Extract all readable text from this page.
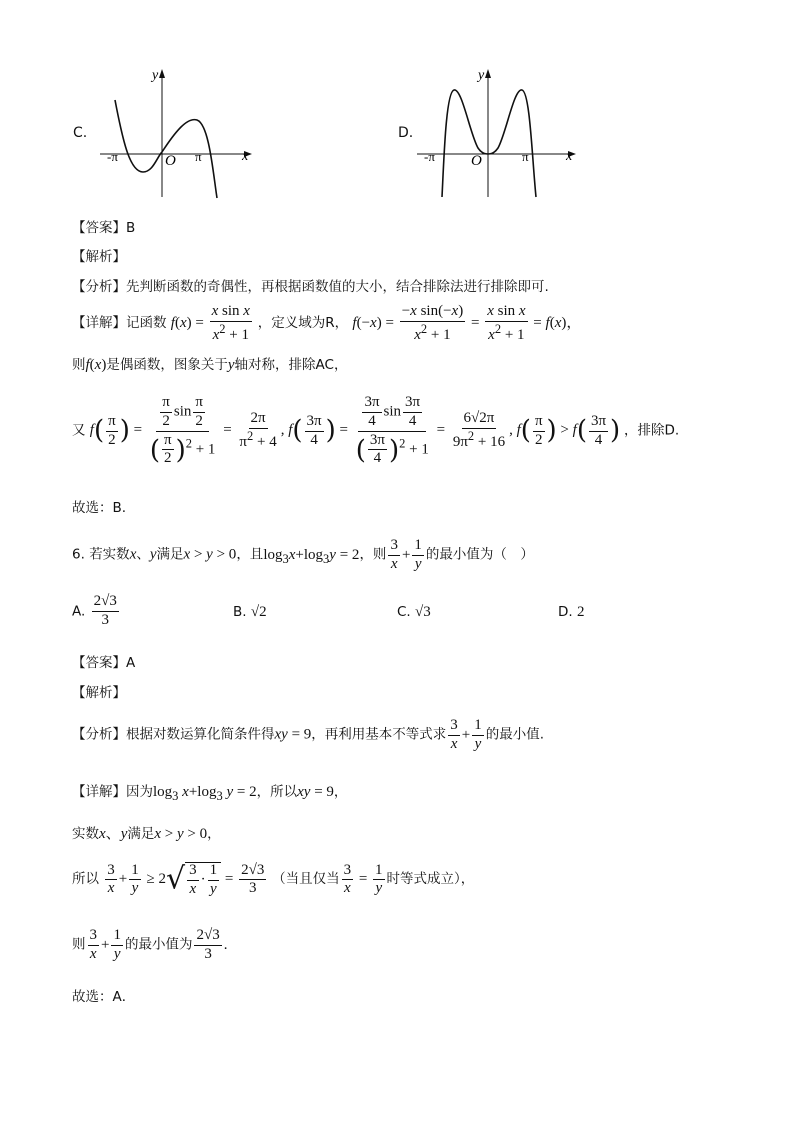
C.
y
x
O
-π	π
D.
y
x
O
-π	π
【答案】B
【解析】
【分析】先判断函数的奇偶性，再根据函数值的大小，结合排除法进行排除即可.
【详解】记函数 $f(x) = \frac{\text{x sin x}}{x^2 + 1}$ ，定义域为R， $f(-x) = \frac{\text{−x sin(−x)}}{x^2 + 1} = \frac{\text{x sin x}}{x^2 + 1} = f(x)$，
则f(x)是偶函数，图象关于y轴对称，排除AC，
又 $f( \frac{\pi}{2}$ ) = $\frac{\frac{\pi}{2} \sin \frac{\pi}{2}}{( \frac{\pi}{2} )^2 + 1} = \frac{2\pi}{\pi^2 + 4}$ , $f( \frac{3\pi}{4}$ ) = $\frac{\frac{3\pi}{4} \sin \frac{3\pi}{4}}{( \frac{3\pi}{4} )^2 + 1} = \frac{6√2\pi}{9\pi^2 + 16}$ , $f( \frac{\pi}{2}$ ) > $f( \frac{3\pi}{4}$ ) ，排除D.
故选：B.
6. 若实数x、y满足x > y > 0，且$\log_3x+\log_3y = 2$，则 $\frac{3}{x} + \frac{1}{y}$ 的最小值为（　）
A. $\frac{2√3}{3}$	B. √2	C. √3	D. 2
【答案】A
【解析】
【分析】根据对数运算化简条件得xy = 9，再利用基本不等式求 $\frac{3}{x} + \frac{1}{y}$ 的最小值.
【详解】因为$\log_3 x+\log_3$ y = 2，所以xy = 9，
实数x、y满足x > y > 0，
所以 $\frac{3}{x} + \frac{1}{y} \ge 2√ \frac{3}{x} \cdot \frac{1}{y} = \frac{2√3}{3}$ （当且仅当 $\frac{3}{x} = \frac{1}{y}$ 时等式成立），
则 $\frac{3}{x} + \frac{1}{y}$ 的最小值为 $\frac{2√3}{3}$ .
故选：A．
